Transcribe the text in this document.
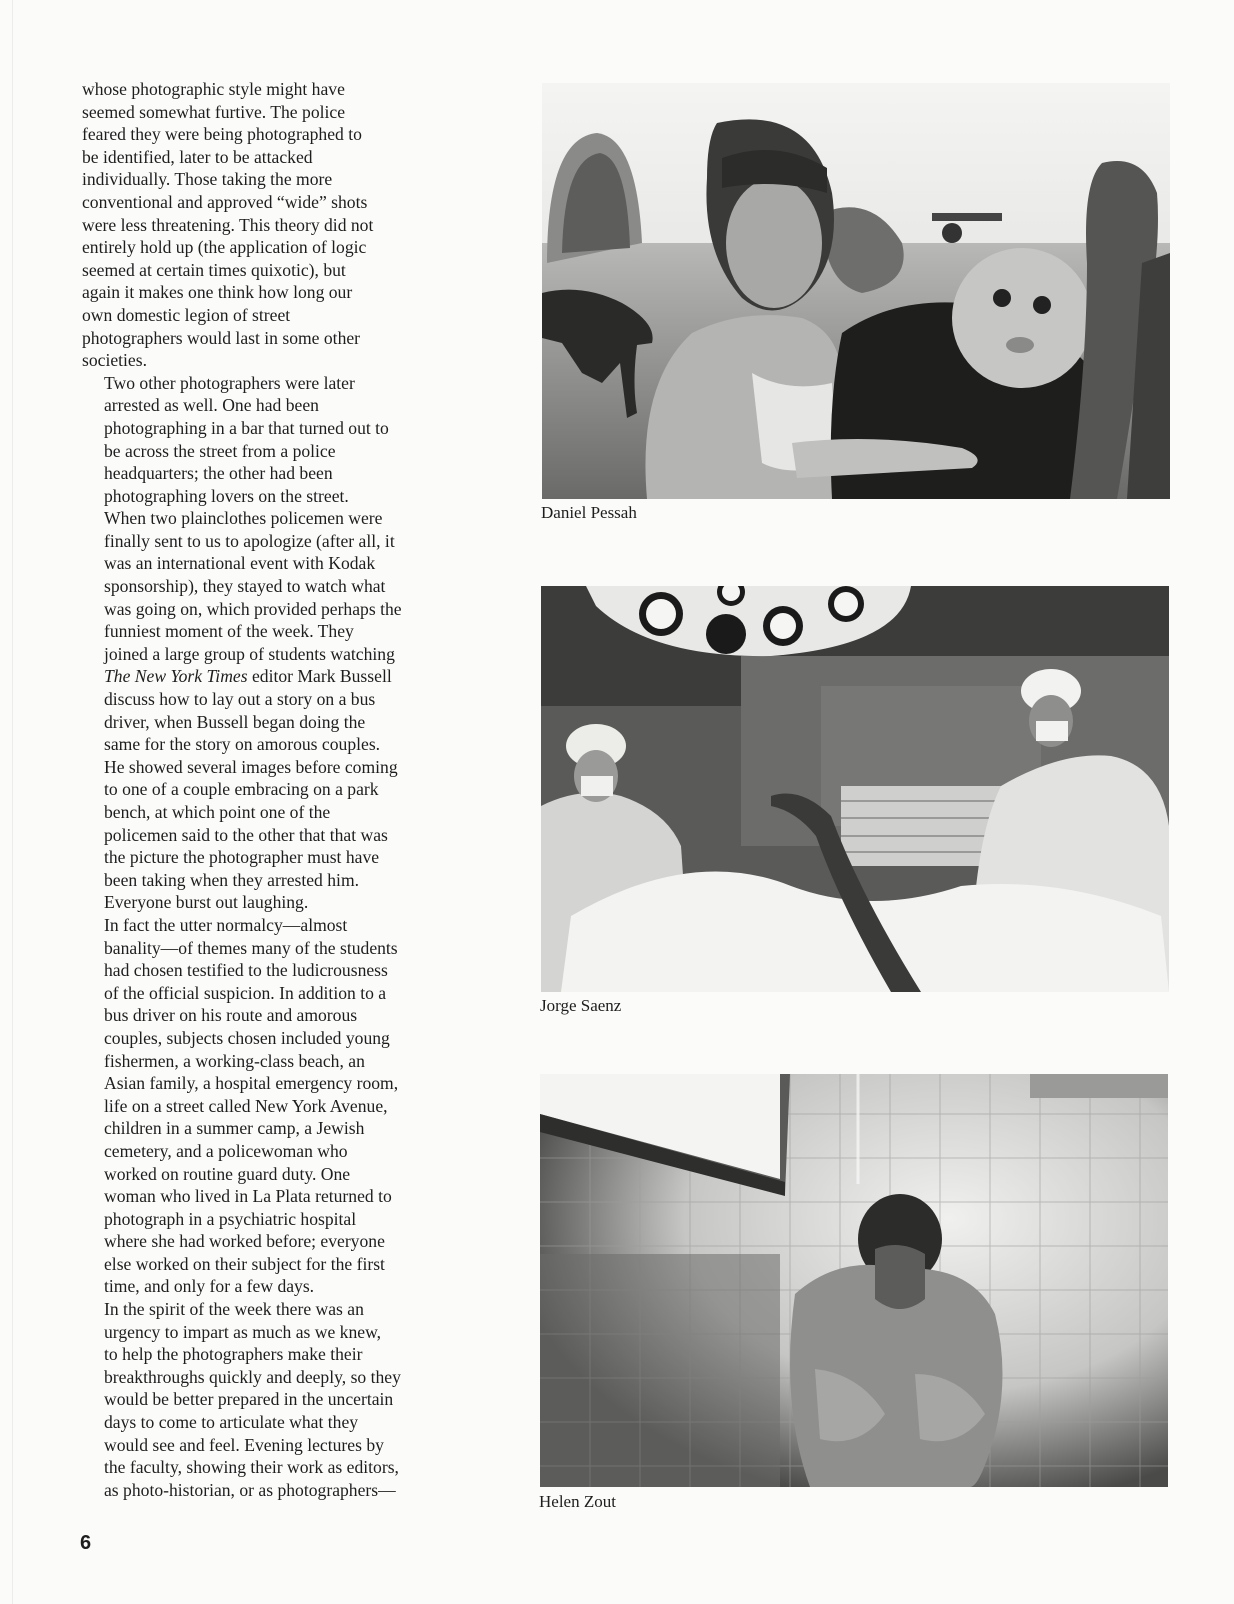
whose photographic style might have
seemed somewhat furtive. The police
feared they were being photographed to
be identified, later to be attacked
individually. Those taking the more
conventional and approved “wide” shots
were less threatening. This theory did not
entirely hold up (the application of logic
seemed at certain times quixotic), but
again it makes one think how long our
own domestic legion of street
photographers would last in some other
societies.

Two other photographers were later
arrested as well. One had been
photographing in a bar that turned out to
be across the street from a police
headquarters; the other had been
photographing lovers on the street.
When two plainclothes policemen were
finally sent to us to apologize (after all, it
was an international event with Kodak
sponsorship), they stayed to watch what
was going on, which provided perhaps the
funniest moment of the week. They
joined a large group of students watching
The New York Times editor Mark Bussell
discuss how to lay out a story on a bus
driver, when Bussell began doing the
same for the story on amorous couples.
He showed several images before coming
to one of a couple embracing on a park
bench, at which point one of the
policemen said to the other that that was
the picture the photographer must have
been taking when they arrested him.
Everyone burst out laughing.

In fact the utter normalcy—almost
banality—of themes many of the students
had chosen testified to the ludicrousness
of the official suspicion. In addition to a
bus driver on his route and amorous
couples, subjects chosen included young
fishermen, a working-class beach, an
Asian family, a hospital emergency room,
life on a street called New York Avenue,
children in a summer camp, a Jewish
cemetery, and a policewoman who
worked on routine guard duty. One
woman who lived in La Plata returned to
photograph in a psychiatric hospital
where she had worked before; everyone
else worked on their subject for the first
time, and only for a few days.

In the spirit of the week there was an
urgency to impart as much as we knew,
to help the photographers make their
breakthroughs quickly and deeply, so they
would be better prepared in the uncertain
days to come to articulate what they
would see and feel. Evening lectures by
the faculty, showing their work as editors,
as photo-historian, or as photographers—

Daniel Pessah
Jorge Saenz
Helen Zout
6
